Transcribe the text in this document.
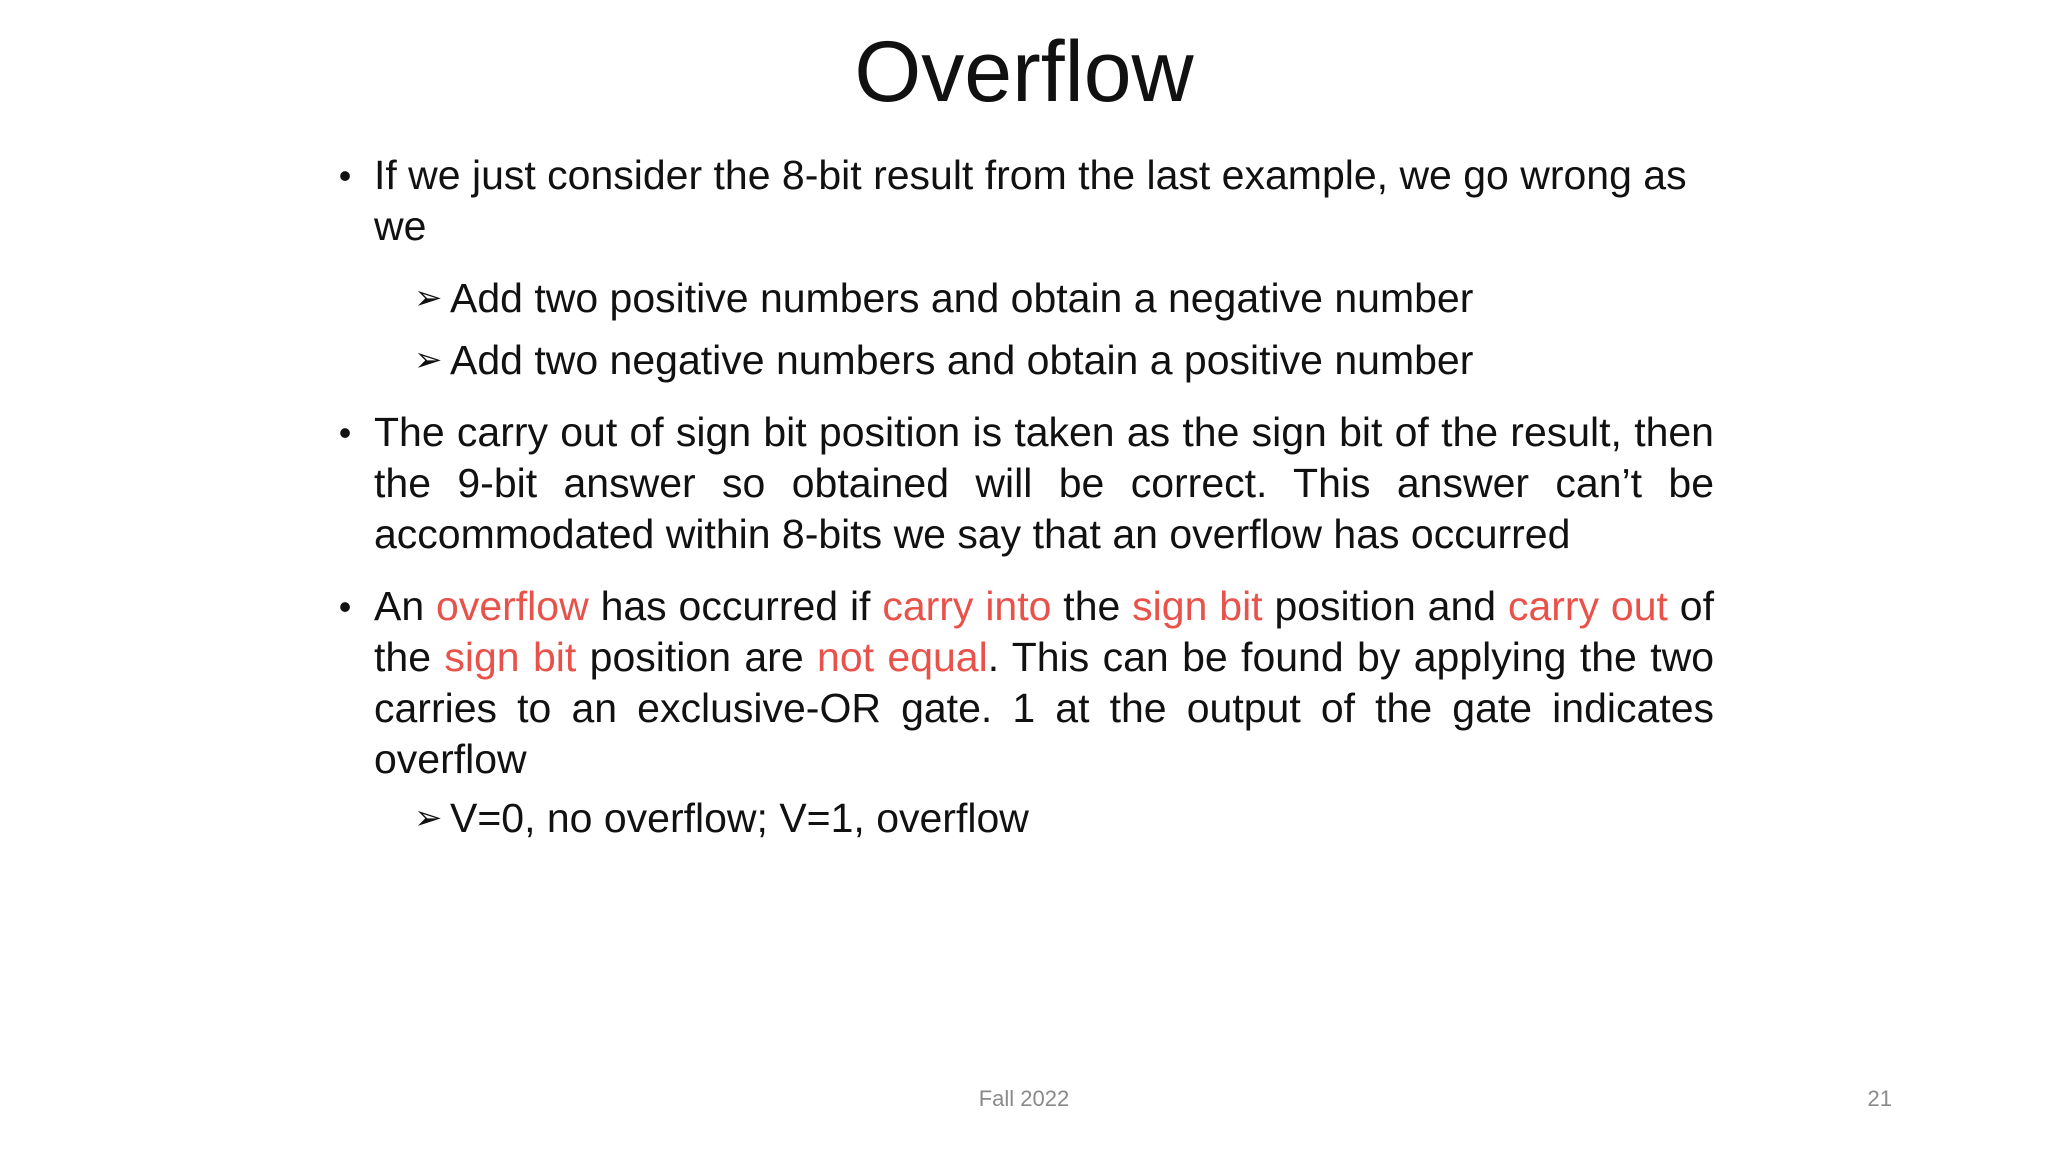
Overflow
• If we just consider the 8-bit result from the last example, we go wrong as we
➢ Add two positive numbers and obtain a negative number
➢ Add two negative numbers and obtain a positive number
• The carry out of sign bit position is taken as the sign bit of the result, then the 9-bit answer so obtained will be correct. This answer can’t be accommodated within 8-bits we say that an overflow has occurred
• An overflow has occurred if carry into the sign bit position and carry out of the sign bit position are not equal. This can be found by applying the two carries to an exclusive-OR gate. 1 at the output of the gate indicates overflow
➢ V=0, no overflow; V=1, overflow
Fall 2022	21
